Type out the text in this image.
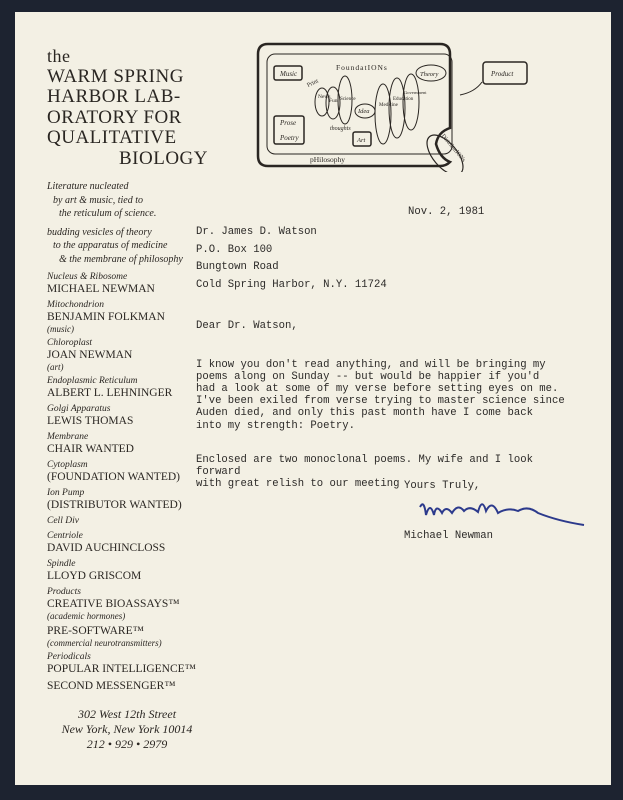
the
WARM SPRING
HARBOR LAB-
ORATORY FOR
QUALITATIVE
BIOLOGY
Literature nucleated
by art & music, tied to
the reticulum of science.
budding vesicles of theory
to the apparatus of medicine
& the membrane of philosophy
Nucleus & Ribosome
MICHAEL NEWMAN
Mitochondrion
BENJAMIN FOLKMAN
(music)
Chloroplast
JOAN NEWMAN
(art)
Endoplasmic Reticulum
ALBERT L. LEHNINGER
Golgi Apparatus
LEWIS THOMAS
Membrane
CHAIR WANTED
Cytoplasm
(FOUNDATION WANTED)
Ion Pump
(DISTRIBUTOR WANTED)
Cell Div
Centriole
DAVID AUCHINCLOSS
Spindle
LLOYD GRISCOM
Products
CREATIVE BIOASSAYS™
(academic hormones)
PRE-SOFTWARE™
(commercial neurotransmitters)
Periodicals
POPULAR INTELLIGENCE™
SECOND MESSENGER™
302 West 12th Street
New York, New York 10014
212 • 929 • 2979
Music
Prose
Poetry
Print
News
Fun Science
thoughts
Idea
Art
FoundatIONs
Medicine
Education
Government
Theory	Product
DistributIONs
pHilosophy
Nov. 2, 1981
Dr. James D. Watson
P.O. Box 100
Bungtown Road
Cold Spring Harbor, N.Y. 11724

Dear Dr. Watson,

I know you don't read anything, and will be bringing my
poems along on Sunday -- but would be happier if you'd
had a look at some of my verse before setting eyes on me.
I've been exiled from verse trying to master science since
Auden died, and only this past month have I come back
into my strength: Poetry.

Enclosed are two monoclonal poems. My wife and I look forward
with great relish to our meeting Yours Truly,
Michael Newman
